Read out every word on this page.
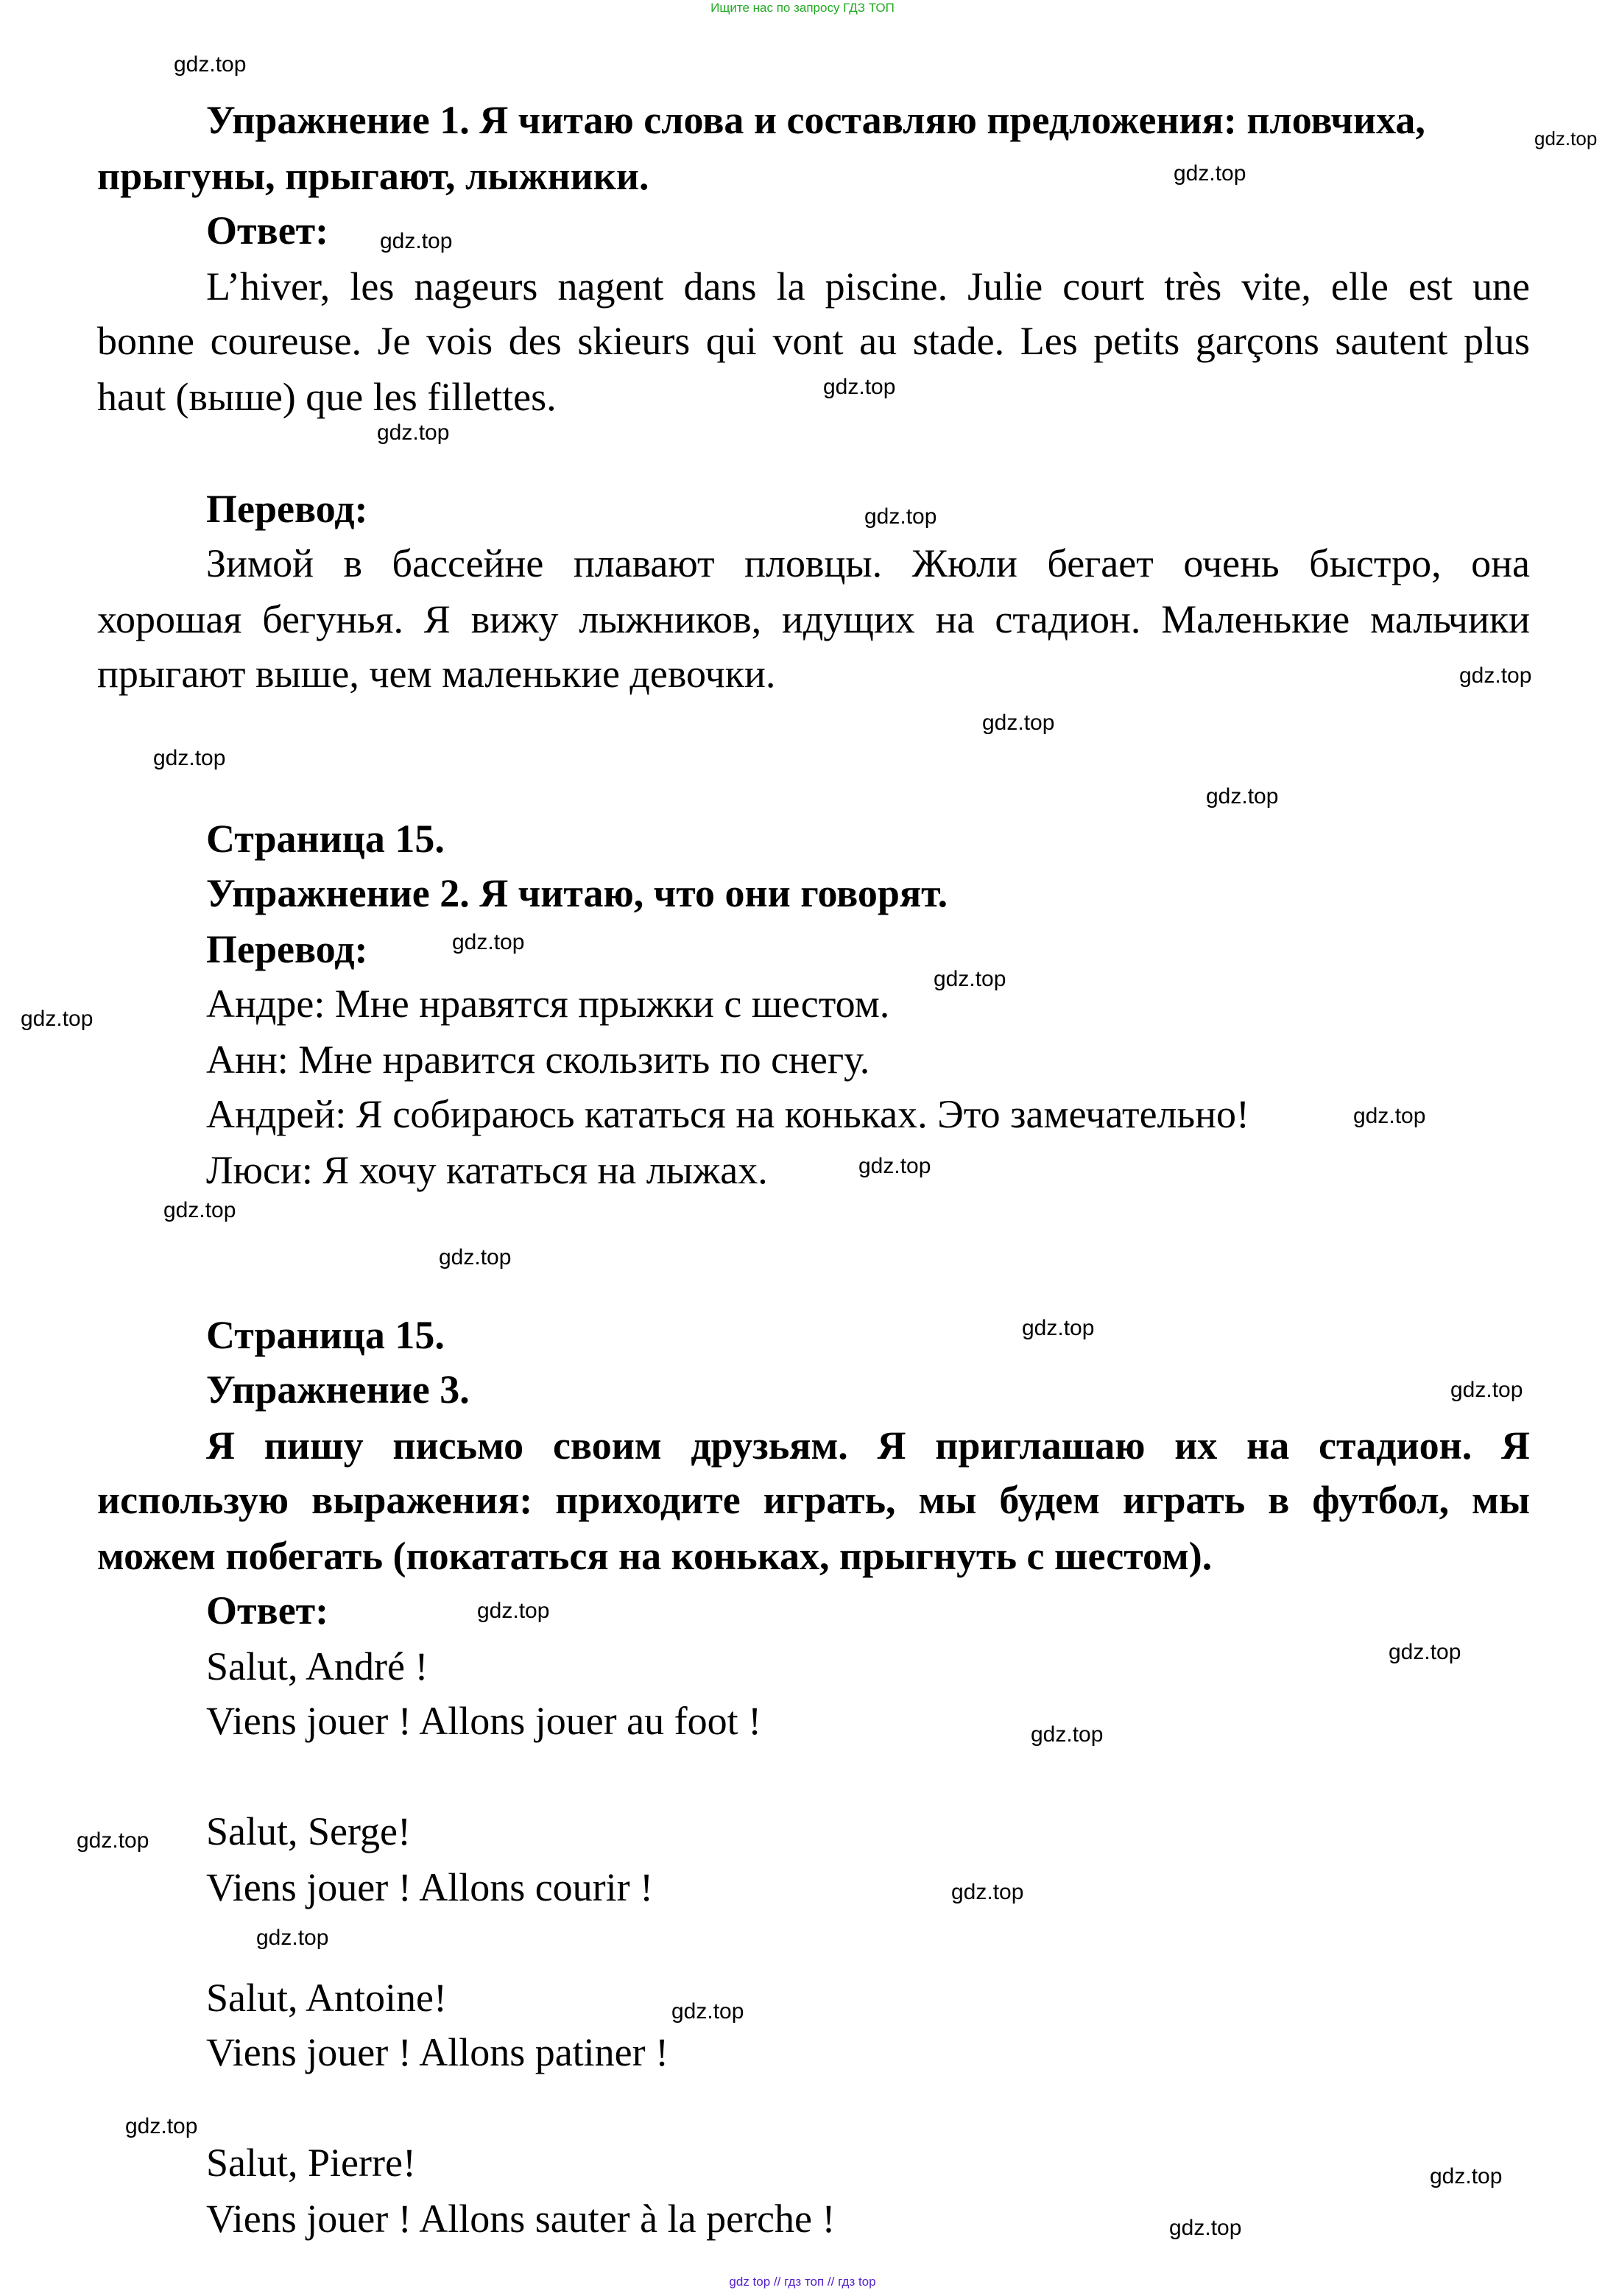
Ищите нас по запросу ГДЗ ТОП
Упражнение 1. Я читаю слова и составляю предложения: пловчиха,
прыгуны, прыгают, лыжники.
Ответ:
L’hiver, les nageurs nagent dans la piscine. Julie court très vite, elle est une
bonne coureuse. Je vois des skieurs qui vont au stade. Les petits garçons sautent plus
haut (выше) que les fillettes.
Перевод:
Зимой в бассейне плавают пловцы. Жюли бегает очень быстро, она
хорошая бегунья. Я вижу лыжников, идущих на стадион. Маленькие мальчики
прыгают выше, чем маленькие девочки.
Страница 15.
Упражнение 2. Я читаю, что они говорят.
Перевод:
Андре: Мне нравятся прыжки с шестом.
Анн: Мне нравится скользить по снегу.
Андрей: Я собираюсь кататься на коньках. Это замечательно!
Люси: Я хочу кататься на лыжах.
Страница 15.
Упражнение 3.
Я пишу письмо своим друзьям. Я приглашаю их на стадион. Я
использую выражения: приходите играть, мы будем играть в футбол, мы
можем побегать (покататься на коньках, прыгнуть с шестом).
Ответ:
Salut, André !
Viens jouer ! Allons jouer au foot !
Salut, Serge!
Viens jouer ! Allons courir !
Salut, Antoine!
Viens jouer ! Allons patiner !
Salut, Pierre!
Viens jouer ! Allons sauter à la perche !
gdz.top
gdz.top
gdz.top
gdz.top
gdz.top
gdz.top
gdz.top
gdz.top
gdz.top
gdz.top
gdz.top
gdz.top
gdz.top
gdz.top
gdz.top
gdz.top
gdz.top
gdz.top
gdz.top
gdz.top
gdz.top
gdz.top
gdz.top
gdz.top
gdz.top
gdz.top
gdz.top
gdz.top
gdz.top
gdz.top
gdz top // гдз топ // гдз top
